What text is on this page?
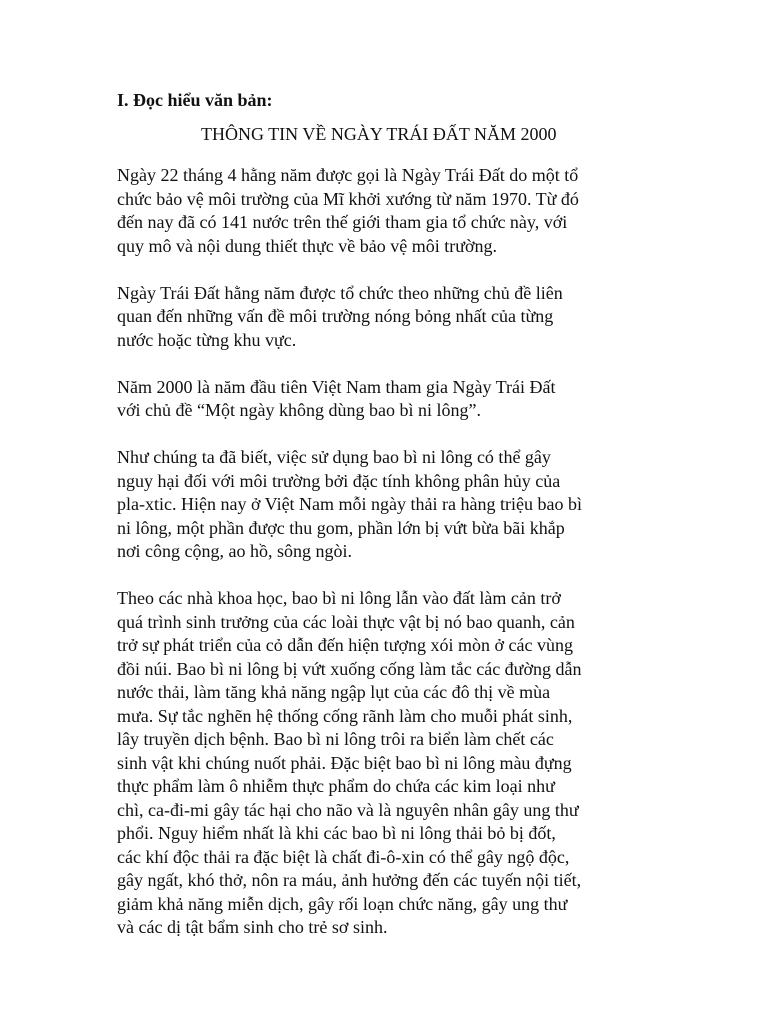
I. Đọc hiểu văn bản:
THÔNG TIN VỀ NGÀY TRÁI ĐẤT NĂM 2000
Ngày 22 tháng 4 hằng năm được gọi là Ngày Trái Đất do một tổ
chức bảo vệ môi trường của Mĩ khởi xướng từ năm 1970. Từ đó
đến nay đã có 141 nước trên thế giới tham gia tổ chức này, với
quy mô và nội dung thiết thực về bảo vệ môi trường.
Ngày Trái Đất hằng năm được tổ chức theo những chủ đề liên
quan đến những vấn đề môi trường nóng bỏng nhất của từng
nước hoặc từng khu vực.
Năm 2000 là năm đầu tiên Việt Nam tham gia Ngày Trái Đất
với chủ đề “Một ngày không dùng bao bì ni lông”.
Như chúng ta đã biết, việc sử dụng bao bì ni lông có thể gây
nguy hại đối với môi trường bởi đặc tính không phân hủy của
pla-xtic. Hiện nay ở Việt Nam mỗi ngày thải ra hàng triệu bao bì
ni lông, một phần được thu gom, phần lớn bị vứt bừa bãi khắp
nơi công cộng, ao hồ, sông ngòi.
Theo các nhà khoa học, bao bì ni lông lẫn vào đất làm cản trở
quá trình sinh trưởng của các loài thực vật bị nó bao quanh, cản
trở sự phát triển của cỏ dẫn đến hiện tượng xói mòn ở các vùng
đồi núi. Bao bì ni lông bị vứt xuống cống làm tắc các đường dẫn
nước thải, làm tăng khả năng ngập lụt của các đô thị về mùa
mưa. Sự tắc nghẽn hệ thống cống rãnh làm cho muỗi phát sinh,
lây truyền dịch bệnh. Bao bì ni lông trôi ra biển làm chết các
sinh vật khi chúng nuốt phải. Đặc biệt bao bì ni lông màu đựng
thực phẩm làm ô nhiễm thực phẩm do chứa các kim loại như
chì, ca-đi-mi gây tác hại cho não và là nguyên nhân gây ung thư
phổi. Nguy hiểm nhất là khi các bao bì ni lông thải bỏ bị đốt,
các khí độc thải ra đặc biệt là chất đi-ô-xin có thể gây ngộ độc,
gây ngất, khó thở, nôn ra máu, ảnh hưởng đến các tuyến nội tiết,
giảm khả năng miễn dịch, gây rối loạn chức năng, gây ung thư
và các dị tật bẩm sinh cho trẻ sơ sinh.
